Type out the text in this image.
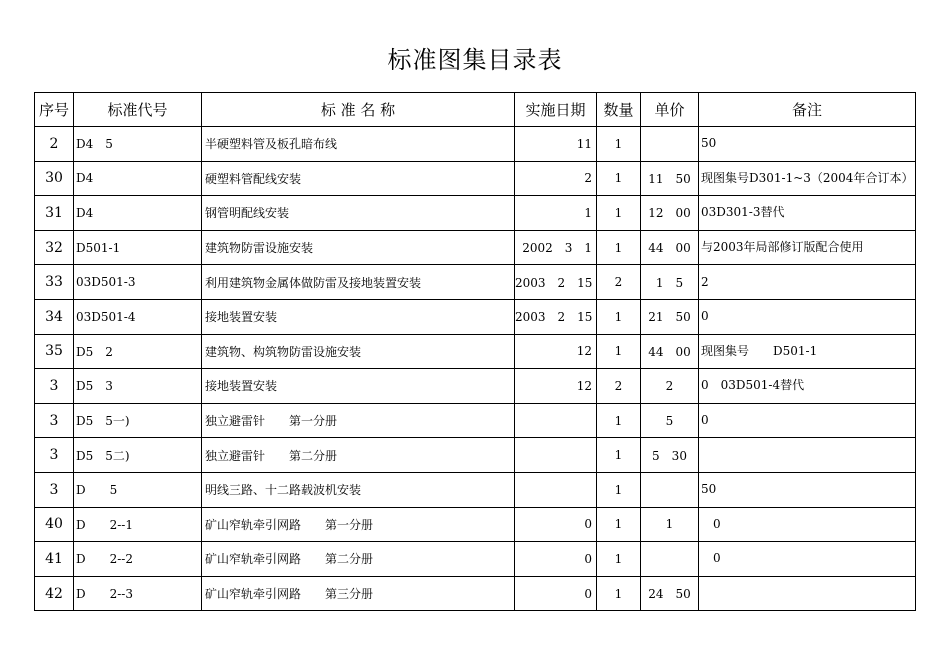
标准图集目录表
序号	标准代号	标 准 名 称	实施日期	数量	单价	备注
2	D4　5	半硬塑料管及板孔暗布线	11	1		50
30	D4	硬塑料管配线安装	2	1	11　50	现图集号D301-1~3（2004年合订本）
31	D4	钢管明配线安装	1	1	12　00	03D301-3替代
32	D501-1	建筑物防雷设施安装	2002　3　1	1	44　00	与2003年局部修订版配合使用
33	03D501-3	利用建筑物金属体做防雷及接地装置安装	2003　2　15	2	1　5	2
34	03D501-4	接地装置安装	2003　2　15	1	21　50	0
35	D5　2	建筑物、构筑物防雷设施安装	12	1	44　00	现图集号　　D501-1
3	D5　3	接地装置安装	12	2	2	0　03D501-4替代
3	D5　5一)	独立避雷针　　第一分册		1	5	0
3	D5　5二)	独立避雷针　　第二分册		1	5　30	
3	D　　5	明线三路、十二路载波机安装		1		50
40	D　　2--1	矿山窄轨牵引网路　　第一分册	0	1	1	　0
41	D　　2--2	矿山窄轨牵引网路　　第二分册	0	1		　0
42	D　　2--3	矿山窄轨牵引网路　　第三分册	0	1	24　50	
